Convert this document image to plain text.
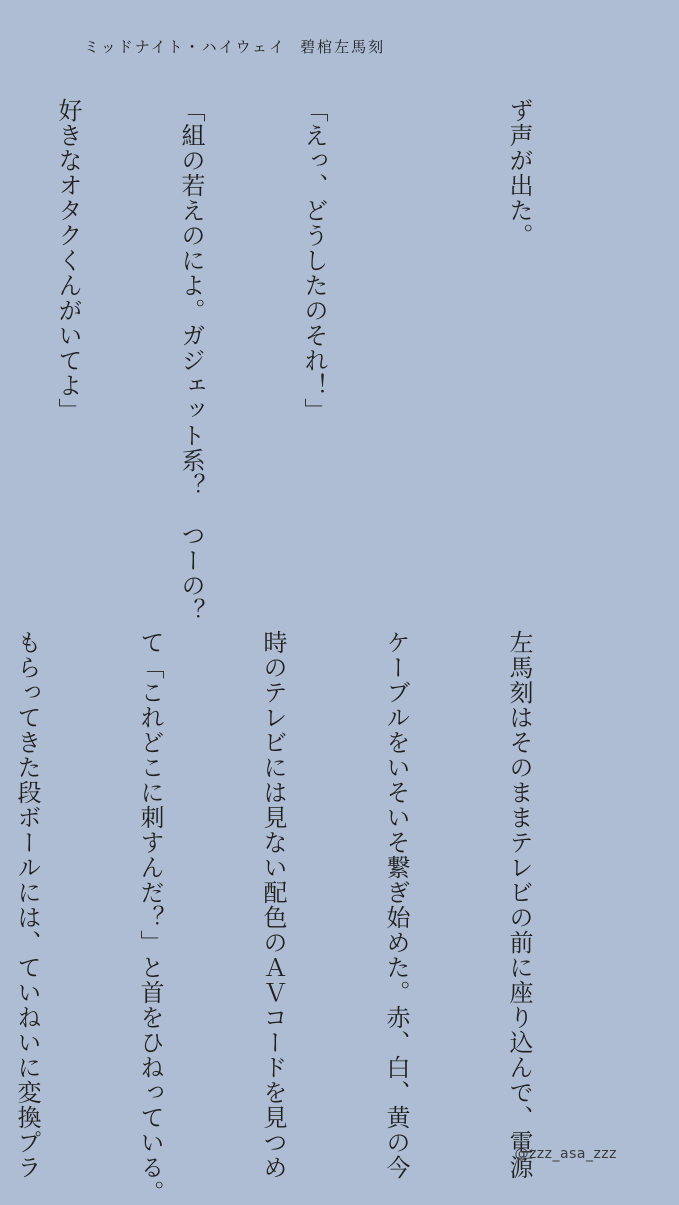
ミッドナイト・ハイウェイ 碧棺左馬刻

ず声が出た。

「えっ、どうしたのそれ！」

「組の若えのによ。ガジェット系？　つーの？

好きなオタクくんがいてよ」

左馬刻はそのままテレビの前に座り込んで、電源

ケーブルをいそいそ繋ぎ始めた。赤、白、黄の今

時のテレビには見ない配色のＡＶコードを見つめ

て「これどこに刺すんだ？」と首をひねっている。

もらってきた段ボールには、ていねいに変換プラ

	@zzz_asa_zzz
